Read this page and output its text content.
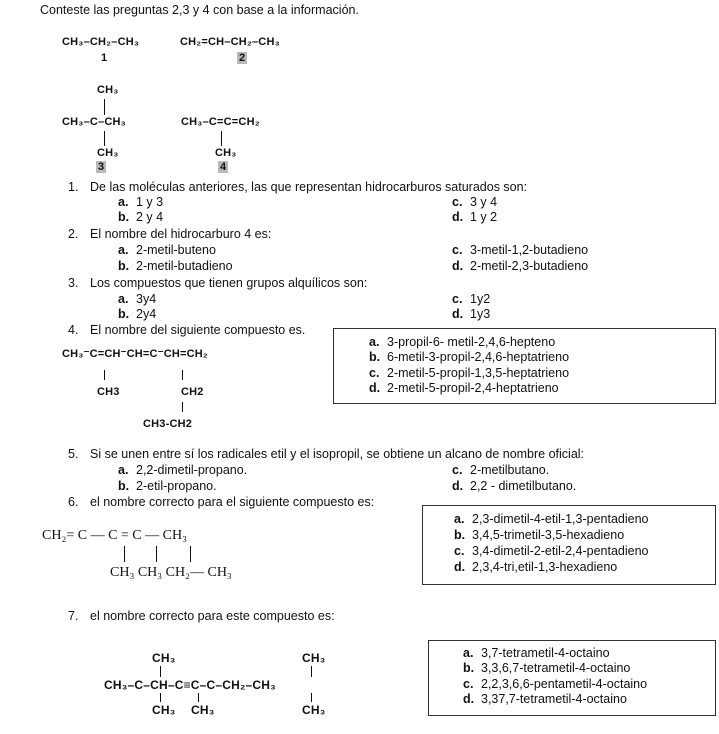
Conteste las preguntas 2,3 y 4 con base a la información.
CH₃–CH₂–CH₃
1
CH₂=CH–CH₂–CH₃
2
CH₃
CH₃–C–CH₃
CH₃
3
CH₃–C=C=CH₂
CH₃
4
1. De las moléculas anteriores, las que representan hidrocarburos saturados son:
a. 1 y 3
b. 2 y 4
c. 3 y 4
d. 1 y 2
2. El nombre del hidrocarburo 4 es:
a. 2-metil-buteno
b. 2-metil-butadieno
c. 3-metil-1,2-butadieno
d. 2-metil-2,3-butadieno
3. Los compuestos que tienen grupos alquílicos son:
a. 3y4
b. 2y4
c. 1y2
d. 1y3
4. El nombre del siguiente compuesto es.
CH₃⁻C=CH⁻CH=C⁻CH=CH₂
CH3	CH2
CH3-CH2
a. 3-propil-6- metil-2,4,6-hepteno
b. 6-metil-3-propil-2,4,6-heptatrieno
c. 2-metil-5-propil-1,3,5-heptatrieno
d. 2-metil-5-propil-2,4-heptatrieno
5. Si se unen entre sí los radicales etil y el isopropil, se obtiene un alcano de nombre oficial:
a. 2,2-dimetil-propano.
b. 2-etil-propano.
c. 2-metilbutano.
d. 2,2 - dimetilbutano.
6. el nombre correcto para el siguiente compuesto es:
CH₂= C — C = C — CH₃
CH₃ CH₃ CH₂— CH₃
a. 2,3-dimetil-4-etil-1,3-pentadieno
b. 3,4,5-trimetil-3,5-hexadieno
c. 3,4-dimetil-2-etil-2,4-pentadieno
d. 2,3,4-tri,etil-1,3-hexadieno
7. el nombre correcto para este compuesto es:
CH₃	CH₃
CH₃–C–CH–C≡C–C–CH₂–CH₃
CH₃ CH₃	CH₃
a. 3,7-tetrametil-4-octaino
b. 3,3,6,7-tetrametil-4-octaino
c. 2,2,3,6,6-pentametil-4-octaino
d. 3,37,7-tetrametil-4-octaino
